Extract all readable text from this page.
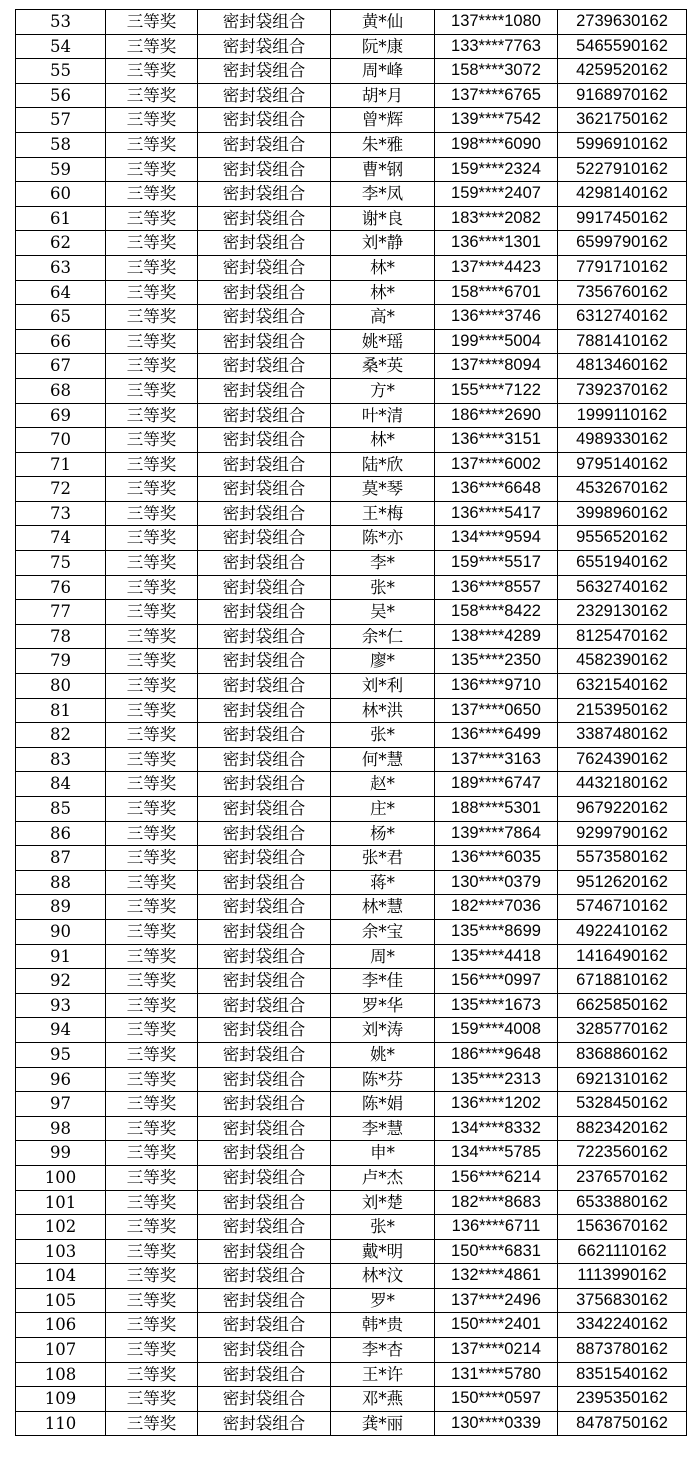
53	三等奖	密封袋组合	黄*仙	137****1080	2739630162
54	三等奖	密封袋组合	阮*康	133****7763	5465590162
55	三等奖	密封袋组合	周*峰	158****3072	4259520162
56	三等奖	密封袋组合	胡*月	137****6765	9168970162
57	三等奖	密封袋组合	曾*辉	139****7542	3621750162
58	三等奖	密封袋组合	朱*雅	198****6090	5996910162
59	三等奖	密封袋组合	曹*钢	159****2324	5227910162
60	三等奖	密封袋组合	李*凤	159****2407	4298140162
61	三等奖	密封袋组合	谢*良	183****2082	9917450162
62	三等奖	密封袋组合	刘*静	136****1301	6599790162
63	三等奖	密封袋组合	林*	137****4423	7791710162
64	三等奖	密封袋组合	林*	158****6701	7356760162
65	三等奖	密封袋组合	高*	136****3746	6312740162
66	三等奖	密封袋组合	姚*瑶	199****5004	7881410162
67	三等奖	密封袋组合	桑*英	137****8094	4813460162
68	三等奖	密封袋组合	方*	155****7122	7392370162
69	三等奖	密封袋组合	叶*清	186****2690	1999110162
70	三等奖	密封袋组合	林*	136****3151	4989330162
71	三等奖	密封袋组合	陆*欣	137****6002	9795140162
72	三等奖	密封袋组合	莫*琴	136****6648	4532670162
73	三等奖	密封袋组合	王*梅	136****5417	3998960162
74	三等奖	密封袋组合	陈*亦	134****9594	9556520162
75	三等奖	密封袋组合	李*	159****5517	6551940162
76	三等奖	密封袋组合	张*	136****8557	5632740162
77	三等奖	密封袋组合	吴*	158****8422	2329130162
78	三等奖	密封袋组合	余*仁	138****4289	8125470162
79	三等奖	密封袋组合	廖*	135****2350	4582390162
80	三等奖	密封袋组合	刘*利	136****9710	6321540162
81	三等奖	密封袋组合	林*洪	137****0650	2153950162
82	三等奖	密封袋组合	张*	136****6499	3387480162
83	三等奖	密封袋组合	何*慧	137****3163	7624390162
84	三等奖	密封袋组合	赵*	189****6747	4432180162
85	三等奖	密封袋组合	庄*	188****5301	9679220162
86	三等奖	密封袋组合	杨*	139****7864	9299790162
87	三等奖	密封袋组合	张*君	136****6035	5573580162
88	三等奖	密封袋组合	蒋*	130****0379	9512620162
89	三等奖	密封袋组合	林*慧	182****7036	5746710162
90	三等奖	密封袋组合	余*宝	135****8699	4922410162
91	三等奖	密封袋组合	周*	135****4418	1416490162
92	三等奖	密封袋组合	李*佳	156****0997	6718810162
93	三等奖	密封袋组合	罗*华	135****1673	6625850162
94	三等奖	密封袋组合	刘*涛	159****4008	3285770162
95	三等奖	密封袋组合	姚*	186****9648	8368860162
96	三等奖	密封袋组合	陈*芬	135****2313	6921310162
97	三等奖	密封袋组合	陈*娟	136****1202	5328450162
98	三等奖	密封袋组合	李*慧	134****8332	8823420162
99	三等奖	密封袋组合	申*	134****5785	7223560162
100	三等奖	密封袋组合	卢*杰	156****6214	2376570162
101	三等奖	密封袋组合	刘*楚	182****8683	6533880162
102	三等奖	密封袋组合	张*	136****6711	1563670162
103	三等奖	密封袋组合	戴*明	150****6831	6621110162
104	三等奖	密封袋组合	林*汶	132****4861	1113990162
105	三等奖	密封袋组合	罗*	137****2496	3756830162
106	三等奖	密封袋组合	韩*贵	150****2401	3342240162
107	三等奖	密封袋组合	李*杏	137****0214	8873780162
108	三等奖	密封袋组合	王*许	131****5780	8351540162
109	三等奖	密封袋组合	邓*燕	150****0597	2395350162
110	三等奖	密封袋组合	龚*丽	130****0339	8478750162
